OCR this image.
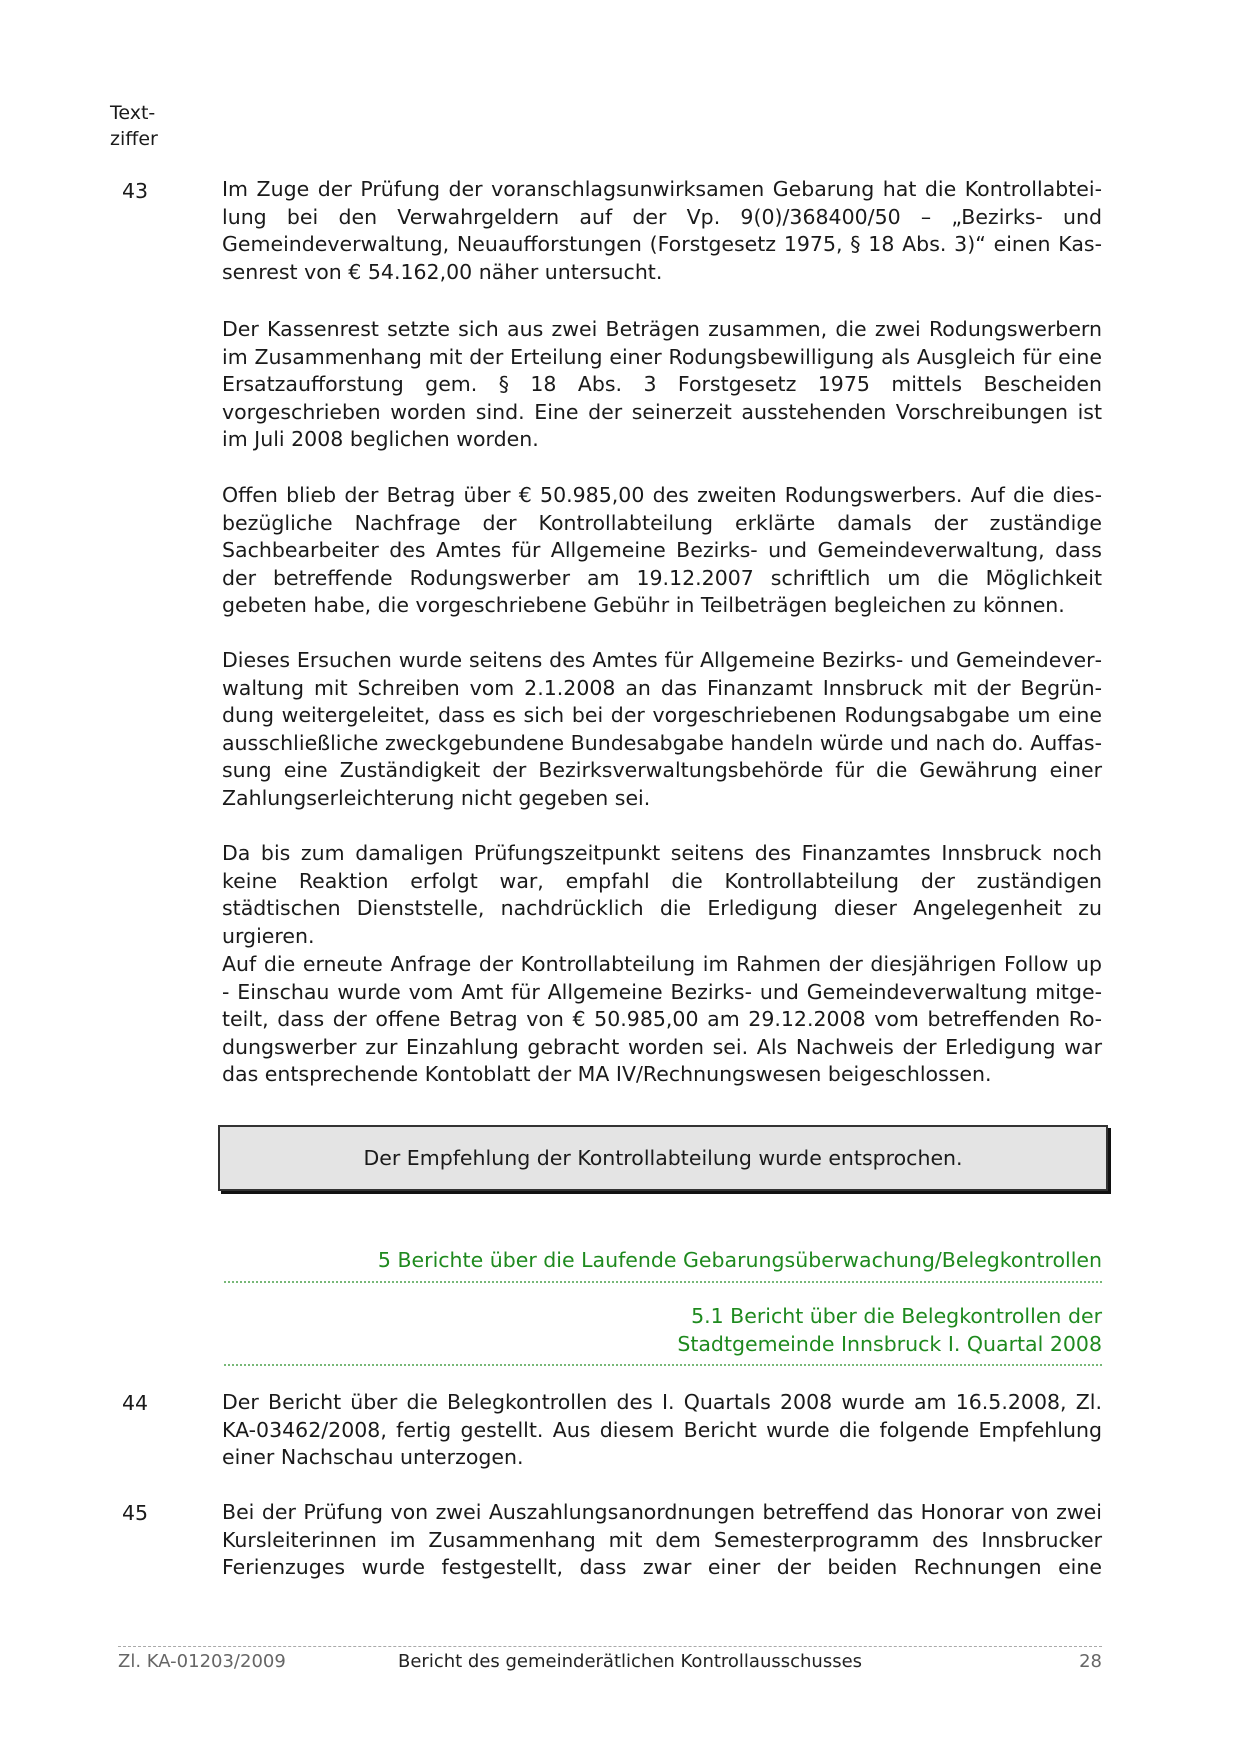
Text-
ziffer
43	Im Zuge der Prüfung der voranschlagsunwirksamen Gebarung hat die Kontrollabteilung bei den Verwahrgeldern auf der Vp. 9(0)/368400/50 – „Bezirks- und Gemeindeverwaltung, Neuaufforstungen (Forstgesetz 1975, § 18 Abs. 3)“ einen Kassenrest von € 54.162,00 näher untersucht.
Der Kassenrest setzte sich aus zwei Beträgen zusammen, die zwei Rodungswerbern im Zusammenhang mit der Erteilung einer Rodungsbewilligung als Ausgleich für eine Ersatzaufforstung gem. § 18 Abs. 3 Forstgesetz 1975 mittels Bescheiden vorgeschrieben worden sind. Eine der seinerzeit ausstehenden Vorschreibungen ist im Juli 2008 beglichen worden.
Offen blieb der Betrag über € 50.985,00 des zweiten Rodungswerbers. Auf die diesbezügliche Nachfrage der Kontrollabteilung erklärte damals der zuständige Sachbearbeiter des Amtes für Allgemeine Bezirks- und Gemeindeverwaltung, dass der betreffende Rodungswerber am 19.12.2007 schriftlich um die Möglichkeit gebeten habe, die vorgeschriebene Gebühr in Teilbeträgen begleichen zu können.
Dieses Ersuchen wurde seitens des Amtes für Allgemeine Bezirks- und Gemeindeverwaltung mit Schreiben vom 2.1.2008 an das Finanzamt Innsbruck mit der Begründung weitergeleitet, dass es sich bei der vorgeschriebenen Rodungsabgabe um eine ausschließliche zweckgebundene Bundesabgabe handeln würde und nach do. Auffassung eine Zuständigkeit der Bezirksverwaltungsbehörde für die Gewährung einer Zahlungserleichterung nicht gegeben sei.
Da bis zum damaligen Prüfungszeitpunkt seitens des Finanzamtes Innsbruck noch keine Reaktion erfolgt war, empfahl die Kontrollabteilung der zuständigen städtischen Dienststelle, nachdrücklich die Erledigung dieser Angelegenheit zu urgieren.
Auf die erneute Anfrage der Kontrollabteilung im Rahmen der diesjährigen Follow up - Einschau wurde vom Amt für Allgemeine Bezirks- und Gemeindeverwaltung mitgeteilt, dass der offene Betrag von € 50.985,00 am 29.12.2008 vom betreffenden Rodungswerber zur Einzahlung gebracht worden sei. Als Nachweis der Erledigung war das entsprechende Kontoblatt der MA IV/Rechnungswesen beigeschlossen.
Der Empfehlung der Kontrollabteilung wurde entsprochen.
5 Berichte über die Laufende Gebarungsüberwachung/Belegkontrollen
5.1 Bericht über die Belegkontrollen der
Stadtgemeinde Innsbruck I. Quartal 2008
44	Der Bericht über die Belegkontrollen des I. Quartals 2008 wurde am 16.5.2008, Zl. KA-03462/2008, fertig gestellt. Aus diesem Bericht wurde die folgende Empfehlung einer Nachschau unterzogen.
45	Bei der Prüfung von zwei Auszahlungsanordnungen betreffend das Honorar von zwei Kursleiterinnen im Zusammenhang mit dem Semesterprogramm des Innsbrucker Ferienzuges wurde festgestellt, dass zwar einer der beiden Rechnungen eine
Zl. KA-01203/2009	Bericht des gemeinderätlichen Kontrollausschusses	28
